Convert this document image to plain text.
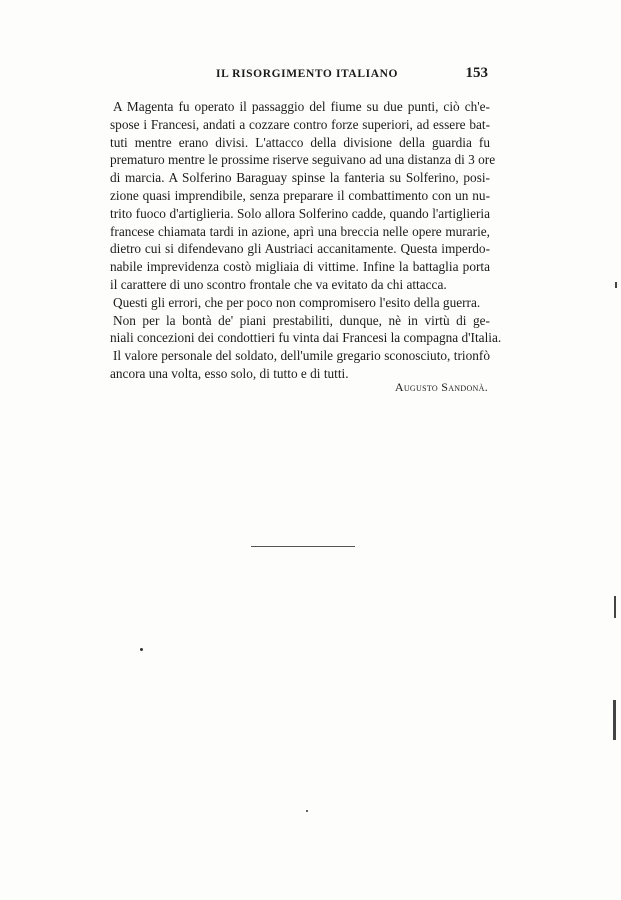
IL RISORGIMENTO ITALIANO	153
A Magenta fu operato il passaggio del fiume su due punti, ciò ch'e-
spose i Francesi, andati a cozzare contro forze superiori, ad essere bat-
tuti mentre erano divisi. L'attacco della divisione della guardia fu
prematuro mentre le prossime riserve seguivano ad una distanza di 3 ore
di marcia. A Solferino Baraguay spinse la fanteria su Solferino, posi-
zione quasi imprendibile, senza preparare il combattimento con un nu-
trito fuoco d'artiglieria. Solo allora Solferino cadde, quando l'artiglieria
francese chiamata tardi in azione, aprì una breccia nelle opere murarie,
dietro cui si difendevano gli Austriaci accanitamente. Questa imperdo-
nabile imprevidenza costò migliaia di vittime. Infine la battaglia porta
il carattere di uno scontro frontale che va evitato da chi attacca.
Questi gli errori, che per poco non compromisero l'esito della guerra.
Non per la bontà de' piani prestabiliti, dunque, nè in virtù di ge-
niali concezioni dei condottieri fu vinta dai Francesi la compagna d'Italia.
Il valore personale del soldato, dell'umile gregario sconosciuto, trionfò
ancora una volta, esso solo, di tutto e di tutti.
Augusto Sandonà.
